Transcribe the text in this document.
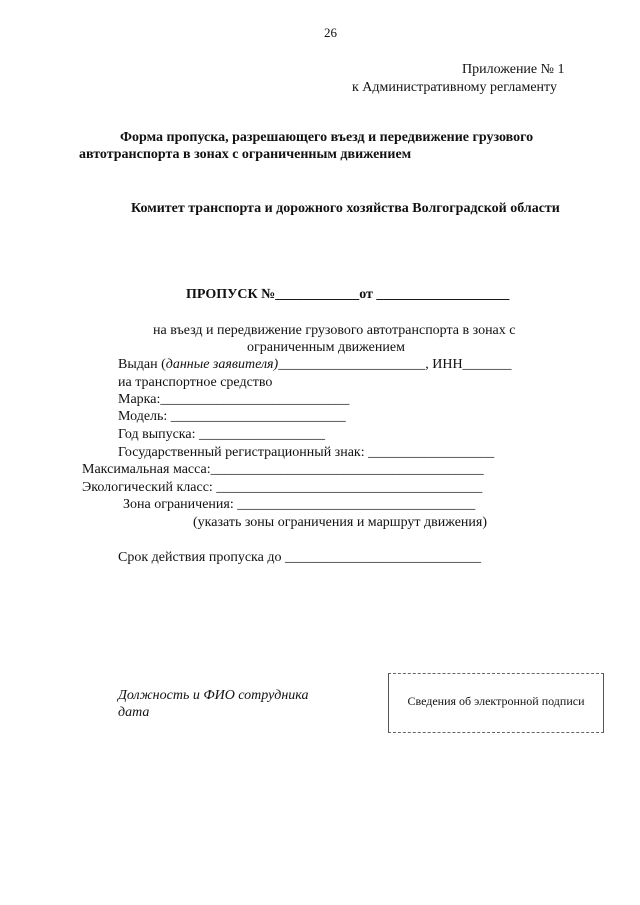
26
Приложение № 1
к Административному регламенту
Форма пропуска, разрешающего въезд и передвижение грузового
автотранспорта в зонах с ограниченным движением
Комитет транспорта и дорожного хозяйства Волгоградской области
ПРОПУСК №____________от ___________________
на въезд и передвижение грузового автотранспорта в зонах с
ограниченным движением
Выдан (данные заявителя)_____________________, ИНН_______
иа транспортное средство
Марка:___________________________
Модель: _________________________
Год выпуска: __________________
Государственный регистрационный знак: __________________
Максимальная масса:_______________________________________
Экологический класс: ______________________________________
Зона ограничения: __________________________________
(указать зоны ограничения и маршрут движения)
Срок действия пропуска до ____________________________
Должность и ФИО сотрудника
дата
Сведения об электронной подписи
